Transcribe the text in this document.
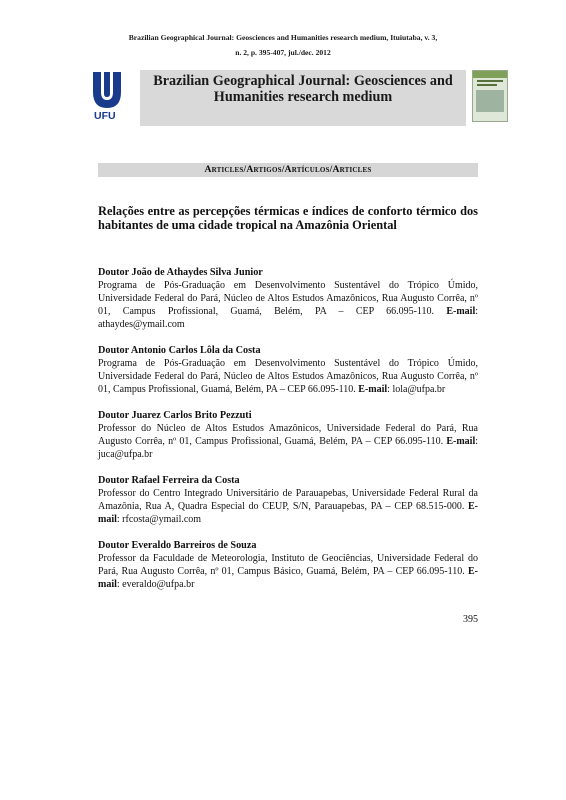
Brazilian Geographical Journal: Geosciences and Humanities research medium, Ituiutaba, v. 3,
n. 2, p. 395-407, jul./dec. 2012
UFU
Brazilian Geographical Journal: Geosciences and Humanities research medium
Articles/Artigos/Artículos/Articles
Relações entre as percepções térmicas e índices de conforto térmico dos habitantes de uma cidade tropical na Amazônia Oriental
Doutor João de Athaydes Silva Junior
Programa de Pós-Graduação em Desenvolvimento Sustentável do Trópico Úmido, Universidade Federal do Pará, Núcleo de Altos Estudos Amazônicos, Rua Augusto Corrêa, nº 01, Campus Profissional, Guamá, Belém, PA – CEP 66.095-110. E-mail: athaydes@ymail.com
Doutor Antonio Carlos Lôla da Costa
Programa de Pós-Graduação em Desenvolvimento Sustentável do Trópico Úmido, Universidade Federal do Pará, Núcleo de Altos Estudos Amazônicos, Rua Augusto Corrêa, nº 01, Campus Profissional, Guamá, Belém, PA – CEP 66.095-110. E-mail: lola@ufpa.br
Doutor Juarez Carlos Brito Pezzuti
Professor do Núcleo de Altos Estudos Amazônicos, Universidade Federal do Pará, Rua Augusto Corrêa, nº 01, Campus Profissional, Guamá, Belém, PA – CEP 66.095-110. E-mail: juca@ufpa.br
Doutor Rafael Ferreira da Costa
Professor do Centro Integrado Universitário de Parauapebas, Universidade Federal Rural da Amazônia, Rua A, Quadra Especial do CEUP, S/N, Parauapebas, PA – CEP 68.515-000. E-mail: rfcosta@ymail.com
Doutor Everaldo Barreiros de Souza
Professor da Faculdade de Meteorologia, Instituto de Geociências, Universidade Federal do Pará, Rua Augusto Corrêa, nº 01, Campus Básico, Guamá, Belém, PA – CEP 66.095-110. E-mail: everaldo@ufpa.br
395
